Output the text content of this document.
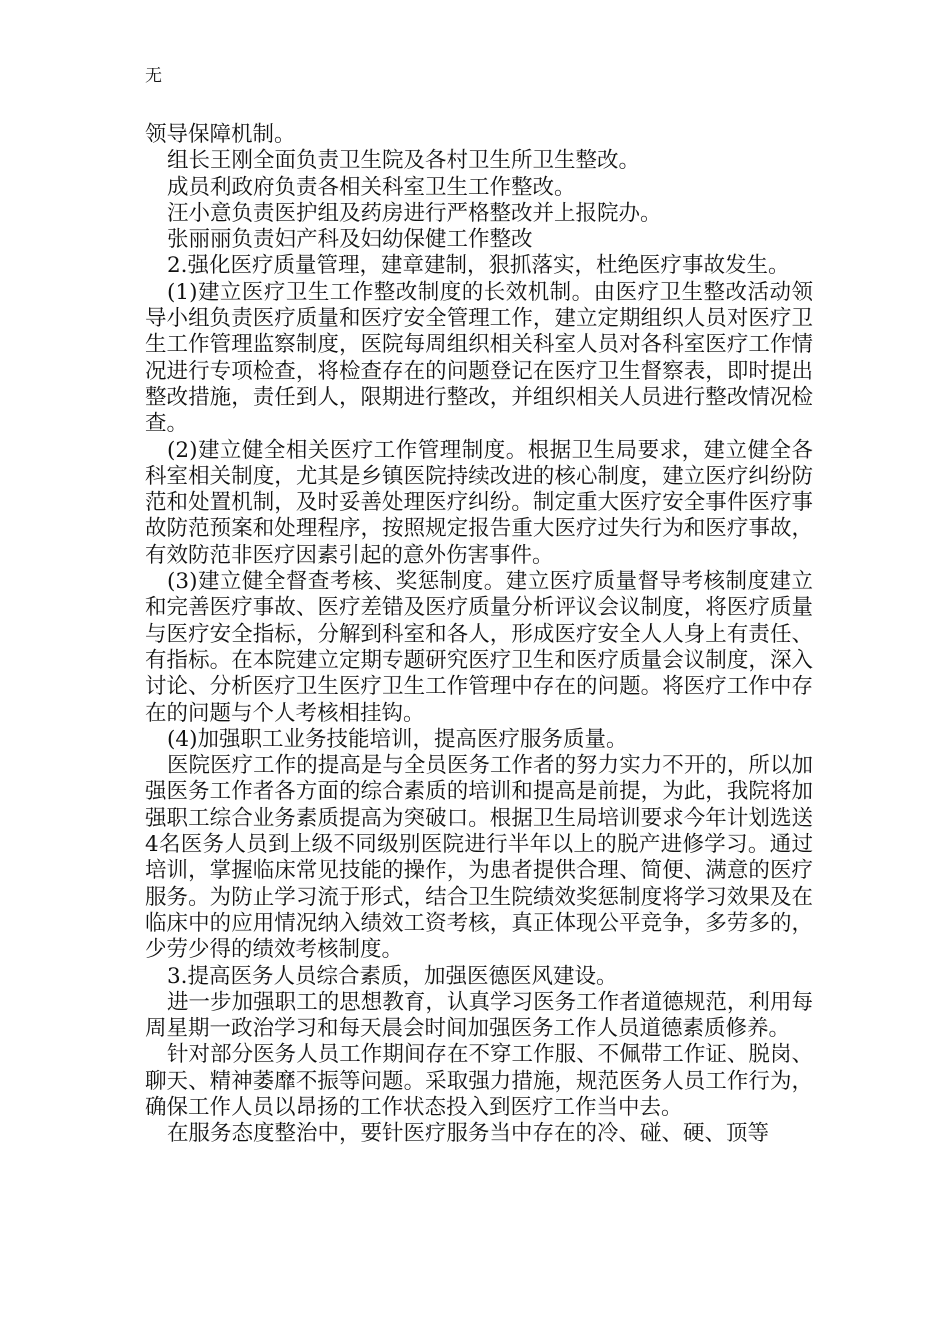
无

领导保障机制。

组长王刚全面负责卫生院及各村卫生所卫生整改。

成员利政府负责各相关科室卫生工作整改。

汪小意负责医护组及药房进行严格整改并上报院办。

张丽丽负责妇产科及妇幼保健工作整改

2.强化医疗质量管理，建章建制，狠抓落实，杜绝医疗事故发生。

(1)建立医疗卫生工作整改制度的长效机制。由医疗卫生整改活动领导小组负责医疗质量和医疗安全管理工作，建立定期组织人员对医疗卫生工作管理监察制度，医院每周组织相关科室人员对各科室医疗工作情况进行专项检查，将检查存在的问题登记在医疗卫生督察表，即时提出整改措施，责任到人，限期进行整改，并组织相关人员进行整改情况检查。

(2)建立健全相关医疗工作管理制度。根据卫生局要求，建立健全各科室相关制度，尤其是乡镇医院持续改进的核心制度，建立医疗纠纷防范和处置机制，及时妥善处理医疗纠纷。制定重大医疗安全事件医疗事故防范预案和处理程序，按照规定报告重大医疗过失行为和医疗事故，有效防范非医疗因素引起的意外伤害事件。

(3)建立健全督查考核、奖惩制度。建立医疗质量督导考核制度建立和完善医疗事故、医疗差错及医疗质量分析评议会议制度，将医疗质量与医疗安全指标，分解到科室和各人，形成医疗安全人人身上有责任、有指标。在本院建立定期专题研究医疗卫生和医疗质量会议制度，深入讨论、分析医疗卫生医疗卫生工作管理中存在的问题。将医疗工作中存在的问题与个人考核相挂钩。

(4)加强职工业务技能培训，提高医疗服务质量。

医院医疗工作的提高是与全员医务工作者的努力实力不开的，所以加强医务工作者各方面的综合素质的培训和提高是前提，为此，我院将加强职工综合业务素质提高为突破口。根据卫生局培训要求今年计划选送4名医务人员到上级不同级别医院进行半年以上的脱产进修学习。通过培训，掌握临床常见技能的操作，为患者提供合理、简便、满意的医疗服务。为防止学习流于形式，结合卫生院绩效奖惩制度将学习效果及在临床中的应用情况纳入绩效工资考核，真正体现公平竞争，多劳多的，少劳少得的绩效考核制度。

3.提高医务人员综合素质，加强医德医风建设。

进一步加强职工的思想教育，认真学习医务工作者道德规范，利用每周星期一政治学习和每天晨会时间加强医务工作人员道德素质修养。

针对部分医务人员工作期间存在不穿工作服、不佩带工作证、脱岗、聊天、精神萎靡不振等问题。采取强力措施，规范医务人员工作行为，确保工作人员以昂扬的工作状态投入到医疗工作当中去。

在服务态度整治中，要针医疗服务当中存在的冷、碰、硬、顶等
